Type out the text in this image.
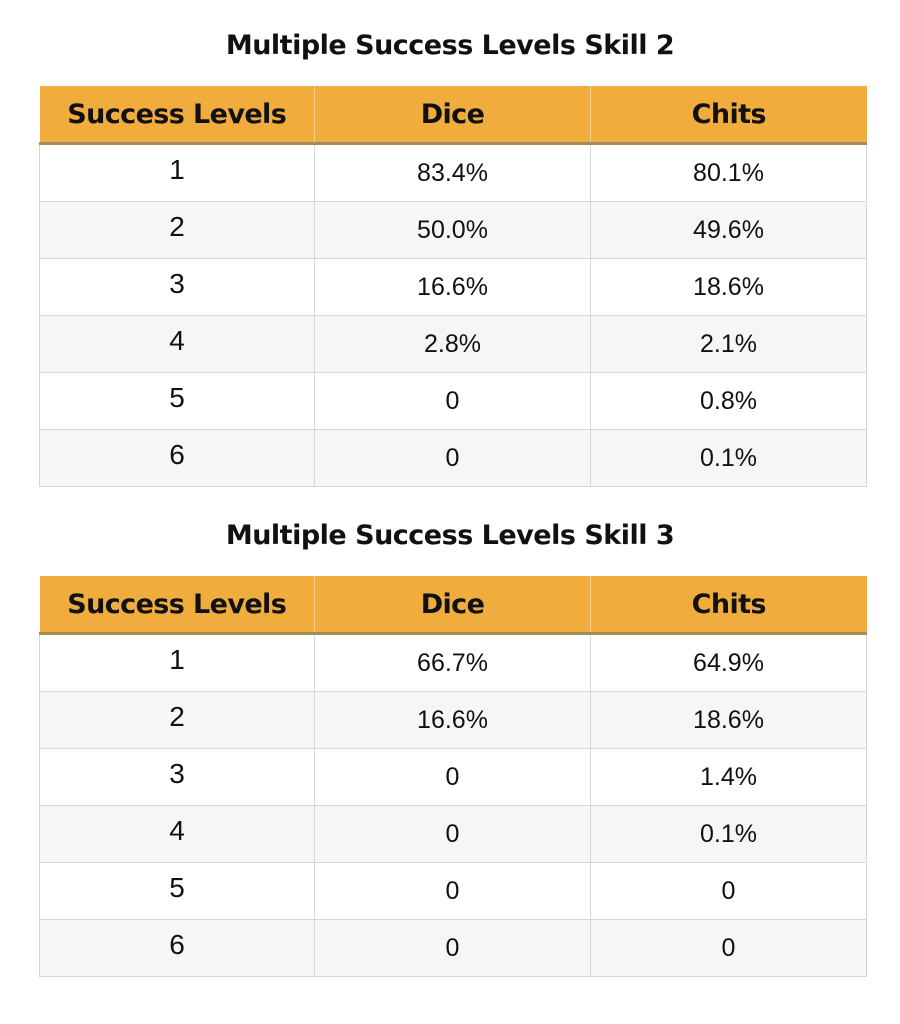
Multiple Success Levels Skill 2
Success Levels	Dice	Chits
1	83.4%	80.1%
2	50.0%	49.6%
3	16.6%	18.6%
4	2.8%	2.1%
5	0	0.8%
6	0	0.1%
Multiple Success Levels Skill 3
Success Levels	Dice	Chits
1	66.7%	64.9%
2	16.6%	18.6%
3	0	1.4%
4	0	0.1%
5	0	0
6	0	0
